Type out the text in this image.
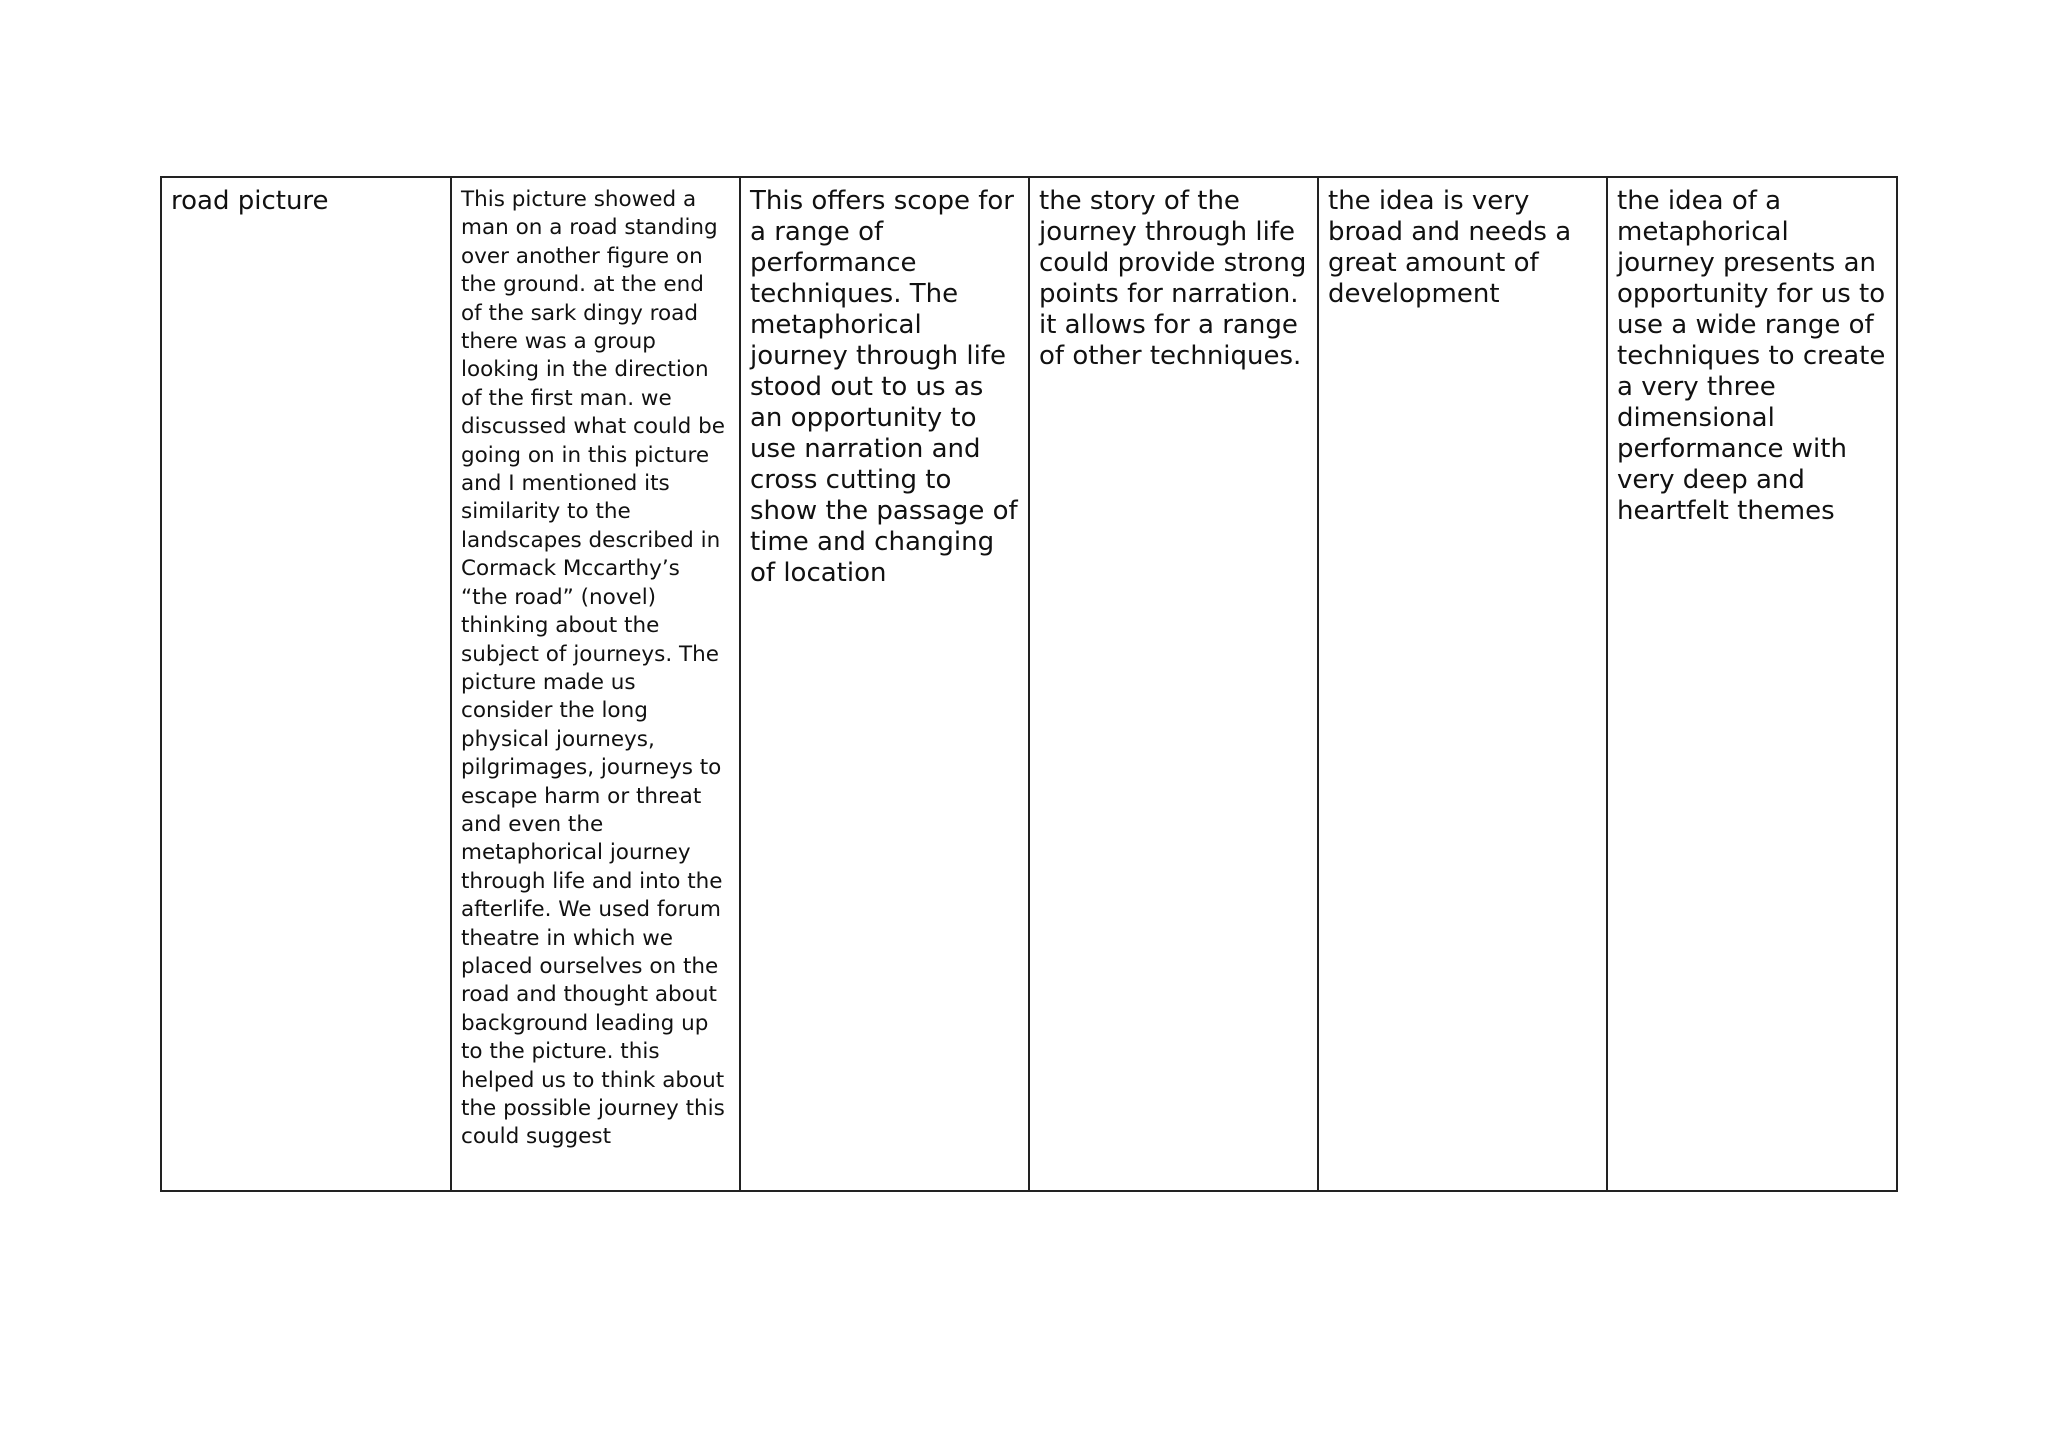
road picture	This picture showed a man on a road standing over another figure on the ground. at the end of the sark dingy road there was a group looking in the direction of the first man. we discussed what could be going on in this picture and I mentioned its similarity to the landscapes described in Cormack Mccarthy’s “the road” (novel) thinking about the subject of journeys. The picture made us consider the long physical journeys, pilgrimages, journeys to escape harm or threat and even the metaphorical journey through life and into the afterlife. We used forum theatre in which we placed ourselves on the road and thought about background leading up to the picture. this helped us to think about the possible journey this could suggest	This offers scope for a range of performance techniques. The metaphorical journey through life stood out to us as an opportunity to use narration and cross cutting to show the passage of time and changing of location	the story of the journey through life could provide strong points for narration. it allows for a range of other techniques.	the idea is very broad and needs a great amount of development	the idea of a metaphorical journey presents an opportunity for us to use a wide range of techniques to create a very three dimensional performance with very deep and heartfelt themes
